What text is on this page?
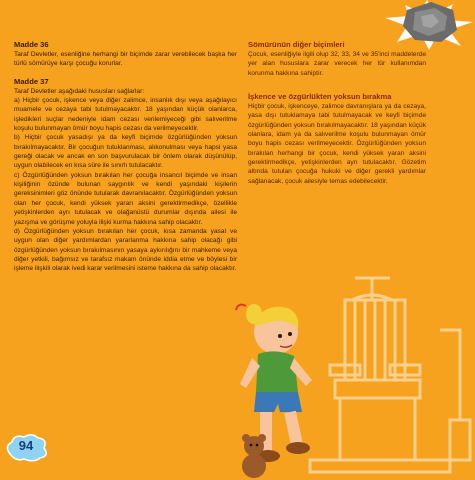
Madde 36

Taraf Devletler, esenliğine herhangi bir biçimde zarar verebilecek başka her türlü sömürüye karşı çocuğu korurlar.

Madde 37

Taraf Devletler aşağıdaki hususları sağlarlar:

a) Hiçbir çocuk, işkence veya diğer zalimce, insanlık dışı veya aşağılayıcı muamele ve cezaya tabi tutulmayacaktır. 18 yaşından küçük olanlarca, işledikleri suçlar nedeniyle idam cezası verilemiyeceği gibi salıverilme koşulu bulunmayan ömür boyu hapis cezası da verilmeyecektir.

b) Hiçbir çocuk yasadışı ya da keyfi biçimde özgürlüğünden yoksun bırakılmayacaktır. Bir çocuğun tutuklanması, alıkonulması veya hapsi yasa gereği olacak ve ancak en son başvurulacak bir önlem olarak düşünülüp, uygun olabilecek en kısa süre ile sınırlı tutulacaktır.

c) Özgürlüğünden yoksun bırakılan her çocuğa insancıl biçimde ve insan kişiliğinin özünde bulunan saygınlık ve kendi yaşındaki kişilerin gereksinimleri göz önünde tutularak davranılacaktır. Özgürlüğünden yoksun olan her çocuk, kendi yüksek yararı aksini gerektirmedikçe, özellikle yetişkinlerden ayrı tutulacak ve olağanüstü durumlar dışında ailesi ile yazışma ve görüşme yoluyla ilişki kurma hakkına sahip olacaktır.

d) Özgürlüğünden yoksun bırakılan her çocuk, kısa zamanda yasal ve uygun olan diğer yardımlardan yararlanma hakkına sahip olacağı gibi özgürlüğünden yoksun bırakılmasının yasaya aykırılığını bir mahkeme veya diğer yetkili, bağımsız ve tarafsız makam önünde iddia etme ve böylesi bir işleme ilişkili olarak ivedi karar verilmesini isteme hakkına da sahip olacaktır.

Sömürünün diğer biçimleri

Çocuk, esenliğiyle ilgili olup 32, 33, 34 ve 35'inci maddelerde yer alan hususlara zarar verecek her tür kullanımdan korunma hakkına sahiptir.

İşkence ve özgürlükten yoksun bırakma

Hiçbir çocuk, işkenceye, zalimce davranışlara ya da cezaya, yasa dışı tutuklamaya tabi tutulmayacak ve keyfi biçimde özgürlüğünden yoksun bırakılmayacaktır. 18 yaşından küçük olanlara, idam ya da salıverilme koşulu bulunmayan ömür boyu hapis cezası verilmeyecektir. Özgürlüğünden yoksun bırakılan herhangi bir çocuk, kendi yüksek yararı aksini gerektirmedikçe, yetişkinlerden ayrı tutulacaktır. Gözetim altında tutulan çocuğa hukuki ve diğer gerekli yardımlar sağlanacak, çocuk ailesiyle temas edebilecektir.

94
